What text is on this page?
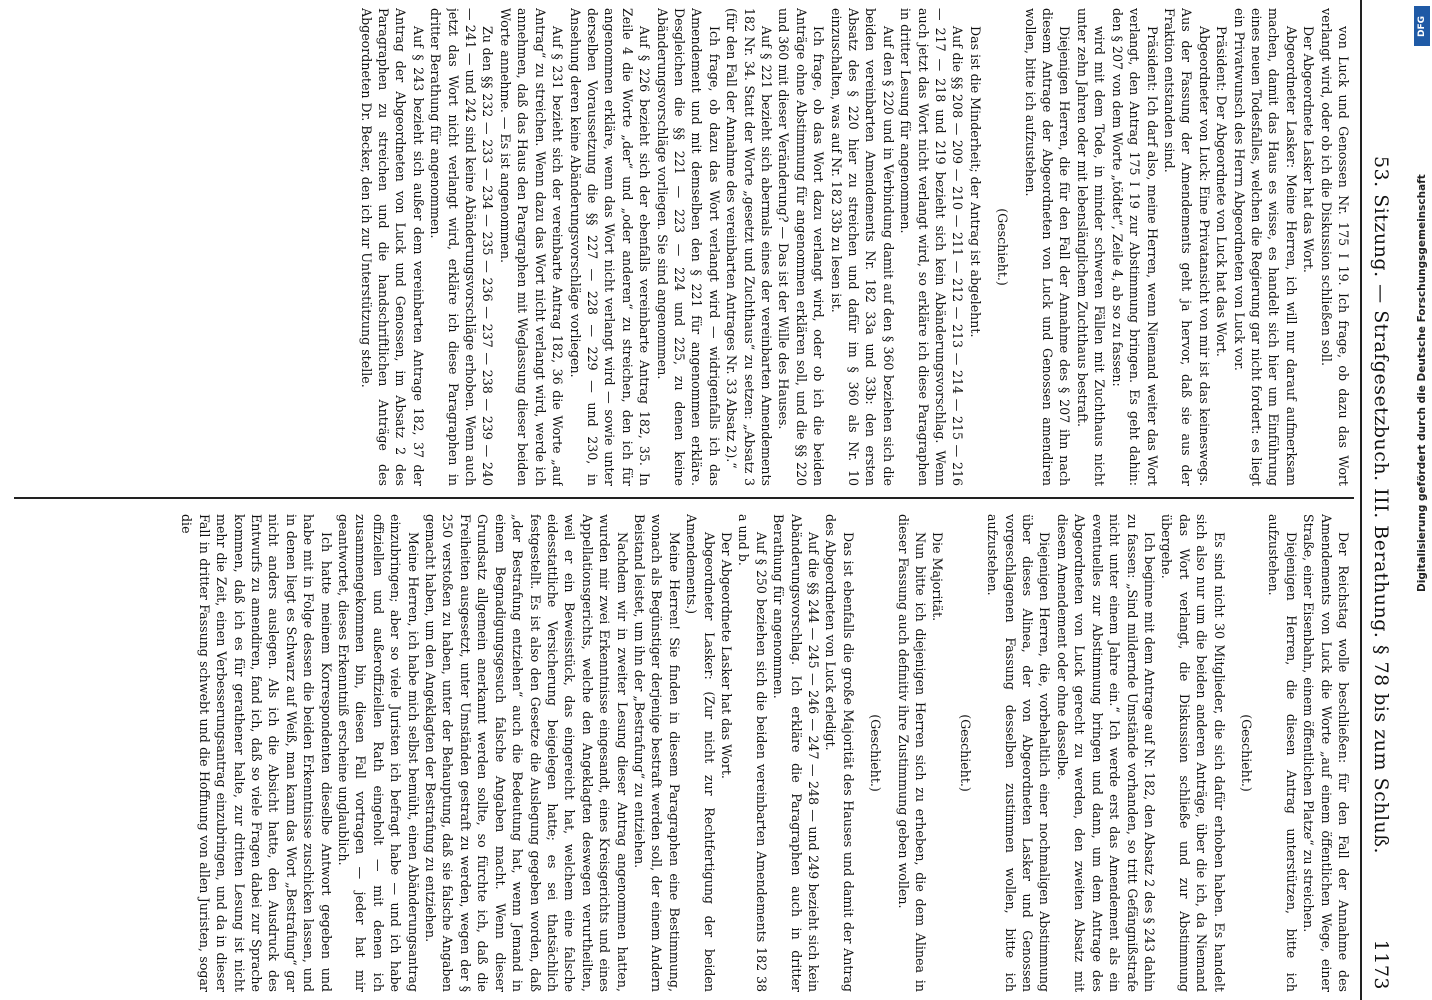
53. Sitzung. — Strafgesetzbuch. III. Berathung. § 78 bis zum Schluß.
1173

von Luck und Genossen Nr. 175 I 19. Ich frage, ob dazu das Wort verlangt wird, oder ob ich die Diskussion schließen soll.

Der Abgeordnete Lasker hat das Wort.

Abgeordneter Lasker: Meine Herren, ich will nur darauf aufmerksam machen, damit das Haus es wisse, es handelt sich hier um Einführung eines neuen Todesfalles, welchen die Regierung gar nicht fordert: es liegt ein Privatwunsch des Herrn Abgeordneten von Luck vor.

Präsident: Der Abgeordnete von Luck hat das Wort.

Abgeordneter von Luck: Eine Privatansicht von mir ist das keineswegs. Aus der Fassung der Amendements geht ja hervor, daß sie aus der Fraktion entstanden sind.

Präsident: Ich darf also, meine Herren, wenn Niemand weiter das Wort verlangt, den Antrag 175 I 19 zur Abstimmung bringen. Es geht dahin: den § 207 von dem Worte „tödtet“, Zeile 4, ab so zu fassen:

wird mit dem Tode, in minder schweren Fällen mit Zuchthaus nicht unter zehn Jahren oder mit lebenslänglichem Zuchthaus bestraft.

Diejenigen Herren, die für den Fall der Annahme des § 207 ihn nach diesem Antrage der Abgeordneten von Luck und Genossen amendiren wollen, bitte ich aufzustehen.

(Geschieht.)

Das ist die Minderheit; der Antrag ist abgelehnt.

Auf die §§ 208 — 209 — 210 — 211 — 212 — 213 — 214 — 215 — 216 — 217 — 218 und 219 bezieht sich kein Abänderungsvorschlag. Wenn auch jetzt das Wort nicht verlangt wird, so erkläre ich diese Paragraphen in dritter Lesung für angenommen.

Auf den § 220 und in Verbindung damit auf den § 360 beziehen sich die beiden vereinbarten Amendements Nr. 182 33a und 33b: den ersten Absatz des § 220 hier zu streichen und dafür im § 360 als Nr. 10 einzuschalten, was auf Nr. 182 33b zu lesen ist.

Ich frage, ob das Wort dazu verlangt wird, oder ob ich die beiden Anträge ohne Abstimmung für angenommen erklären soll, und die §§ 220 und 360 mit dieser Veränderung? — Das ist der Wille des Hauses.

Auf § 221 bezieht sich abermals eines der vereinbarten Amendements 182 Nr. 34. Statt der Worte „gesetzt und Zuchthaus“ zu setzen: „Absatz 3 (für den Fall der Annahme des vereinbarten Antrages Nr. 33 Absatz 2).“

Ich frage, ob dazu das Wort verlangt wird — widrigenfalls ich das Amendement und mit demselben den § 221 für angenommen erkläre. Desgleichen die §§ 221 — 223 — 224 und 225, zu denen keine Abänderungsvorschläge vorliegen. Sie sind angenommen.

Auf § 226 bezieht sich der ebenfalls vereinbarte Antrag 182, 35. In Zeile 4 die Worte „der“ und „oder anderen“ zu streichen, den ich für angenommen erkläre, wenn das Wort nicht verlangt wird — sowie unter derselben Voraussetzung die §§ 227 — 228 — 229 — und 230, in Ansehung deren keine Abänderungsvorschläge vorliegen.

Auf § 231 bezieht sich der vereinbarte Antrag 182, 36 die Worte „auf Antrag“ zu streichen. Wenn dazu das Wort nicht verlangt wird, werde ich annehmen, daß das Haus den Paragraphen mit Weglassung dieser beiden Worte annehme. — Es ist angenommen.

Zu den §§ 232 — 233 — 234 — 235 — 236 — 237 — 238 — 239 — 240 — 241 — und 242 sind keine Abänderungsvorschläge erhoben. Wenn auch jetzt das Wort nicht verlangt wird, erkläre ich diese Paragraphen in dritter Berathung für angenommen.

Auf § 243 bezieht sich außer dem vereinbarten Antrage 182, 37 der Antrag der Abgeordneten von Luck und Genossen, im Absatz 2 des Paragraphen zu streichen und die handschriftlichen Anträge des Abgeordneten Dr. Becker, den ich zur Unterstützung stelle.

Der Reichstag wolle beschließen: für den Fall der Annahme des Amendements von Luck die Worte „auf einem öffentlichen Wege, einer Straße, einer Eisenbahn, einem öffentlichen Platze“ zu streichen.

Diejenigen Herren, die diesen Antrag unterstützen, bitte ich aufzustehen.

(Geschieht.)

Es sind nicht 30 Mitglieder, die sich dafür erhoben haben. Es handelt sich also nur um die beiden anderen Anträge, über die ich, da Niemand das Wort verlangt, die Diskussion schließe und zur Abstimmung übergehe.

Ich beginne mit dem Antrage auf Nr. 182, den Absatz 2 des § 243 dahin zu fassen: „Sind mildernde Umstände vorhanden, so tritt Gefängnißstrafe nicht unter einem Jahre ein.“ Ich werde erst das Amendement als ein eventuelles zur Abstimmung bringen und dann, um dem Antrage des Abgeordneten von Luck gerecht zu werden, den zweiten Absatz mit diesem Amendement oder ohne dasselbe.

Diejenigen Herren, die, vorbehaltlich einer nochmaligen Abstimmung über dieses Alinea, der von Abgeordneten Lasker und Genossen vorgeschlagenen Fassung desselben zustimmen wollen, bitte ich aufzustehen.

(Geschieht.)

Die Majorität.

Nun bitte ich diejenigen Herren sich zu erheben, die dem Alinea in dieser Fassung auch definitiv ihre Zustimmung geben wollen.

(Geschieht.)

Das ist ebenfalls die große Majorität des Hauses und damit der Antrag des Abgeordneten von Luck erledigt.

Auf die §§ 244 — 245 — 246 — 247 — 248 — und 249 bezieht sich kein Abänderungsvorschlag. Ich erkläre die Paragraphen auch in dritter Berathung für angenommen.

Auf § 250 beziehen sich die beiden vereinbarten Amendements 182 38 a und b.

Der Abgeordnete Lasker hat das Wort.

Abgeordneter Lasker: (Zur nicht zur Rechtfertigung der beiden Amendements.)

Meine Herren! Sie finden in diesem Paragraphen eine Bestimmung, wonach als Begünstiger derjenige bestraft werden soll, der einem Andern Beistand leistet, um ihn der „Bestrafung“ zu entziehen.

Nachdem wir in zweiter Lesung dieser Antrag angenommen hatten, wurden mir zwei Erkenntnisse eingesandt, eines Kreisgerichts und eines Appellationsgerichts, welche den Angeklagten deswegen verurtheilten, weil er ein Beweisstück, das eingereicht hat, welchem eine falsche eidesstattliche Versicherung beigelegen hatte; es sei thatsächlich festgestellt. Es ist also den Gesetze die Auslegung gegeben worden, daß „der Bestrafung entziehen“ auch die Bedeutung hat, wenn Jemand in einem Begnadigungsgesuch falsche Angaben macht. Wenn dieser Grundsatz allgemein anerkannt werden sollte, so fürchte ich, daß die Freiheiten ausgesetzt, unter Umständen gestraft zu werden, wegen der § 250 verstoßen zu haben, unter der Behauptung, daß sie falsche Angaben gemacht haben, um den Angeklagten der Bestrafung zu entziehen.

Meine Herren, ich habe mich selbst bemüht, einen Abänderungsantrag einzubringen; aber so viele Juristen ich befragt habe — und ich habe offiziellen und außeroffiziellen Rath eingeholt — mit denen ich zusammengekommen bin, diesen Fall vortragen — jeder hat mir geantwortet, dieses Erkenntniß erscheine unglaublich.

Ich hatte meinem Korrespondenten dieselbe Antwort gegeben und habe mit in Folge dessen die beiden Erkenntnisse zuschicken lassen, und in denen liegt es Schwarz auf Weiß, man kann das Wort „Bestrafung“ gar nicht anders auslegen. Als ich die Absicht hatte, den Ausdruck des Entwurfs zu amendiren, fand ich, daß so viele Fragen dabei zur Sprache kommen, daß ich es für gerathener halte, zur dritten Lesung ist nicht mehr die Zeit, einen Verbesserungsantrag einzubringen, und da in dieser Fall in dritter Fassung schwebt und die Hoffnung von allen Juristen, sogar die

DFG
Digitalisierung gefördert durch die Deutsche Forschungsgemeinschaft
